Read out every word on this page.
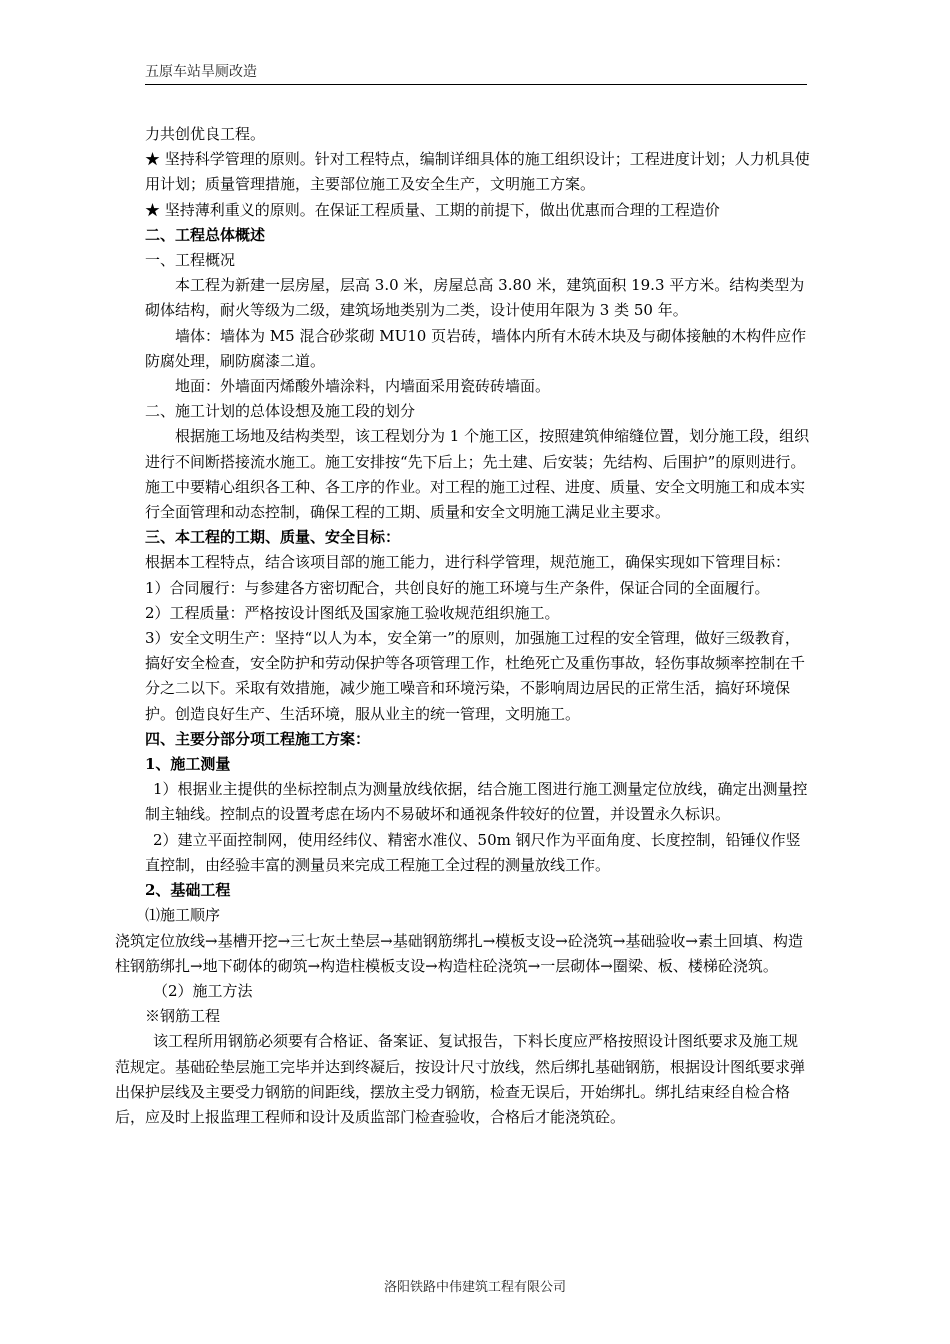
五原车站旱厕改造

力共创优良工程。

★ 坚持科学管理的原则。针对工程特点，编制详细具体的施工组织设计；工程进度计划；人力机具使用计划；质量管理措施，主要部位施工及安全生产，文明施工方案。

★ 坚持薄利重义的原则。在保证工程质量、工期的前提下，做出优惠而合理的工程造价

二、工程总体概述

一、工程概况

本工程为新建一层房屋，层高 3.0 米，房屋总高 3.80 米，建筑面积 19.3 平方米。结构类型为砌体结构，耐火等级为二级，建筑场地类别为二类，设计使用年限为 3 类 50 年。

墙体：墙体为 M5 混合砂浆砌 MU10 页岩砖，墙体内所有木砖木块及与砌体接触的木构件应作防腐处理，刷防腐漆二道。

地面：外墙面丙烯酸外墙涂料，内墙面采用瓷砖砖墙面。

二、施工计划的总体设想及施工段的划分

根据施工场地及结构类型，该工程划分为 1 个施工区，按照建筑伸缩缝位置，划分施工段，组织进行不间断搭接流水施工。施工安排按“先下后上；先土建、后安装；先结构、后围护”的原则进行。施工中要精心组织各工种、各工序的作业。对工程的施工过程、进度、质量、安全文明施工和成本实行全面管理和动态控制，确保工程的工期、质量和安全文明施工满足业主要求。

三、本工程的工期、质量、安全目标：

根据本工程特点，结合该项目部的施工能力，进行科学管理，规范施工，确保实现如下管理目标：

1）合同履行：与参建各方密切配合，共创良好的施工环境与生产条件，保证合同的全面履行。

2）工程质量：严格按设计图纸及国家施工验收规范组织施工。

3）安全文明生产：坚持“以人为本，安全第一”的原则，加强施工过程的安全管理，做好三级教育，搞好安全检查，安全防护和劳动保护等各项管理工作，杜绝死亡及重伤事故，轻伤事故频率控制在千分之二以下。采取有效措施，减少施工噪音和环境污染，不影响周边居民的正常生活，搞好环境保护。创造良好生产、生活环境，服从业主的统一管理，文明施工。

四、主要分部分项工程施工方案：

1、施工测量

1）根据业主提供的坐标控制点为测量放线依据，结合施工图进行施工测量定位放线，确定出测量控制主轴线。控制点的设置考虑在场内不易破坏和通视条件较好的位置，并设置永久标识。

2）建立平面控制网，使用经纬仪、精密水准仪、50m 钢尺作为平面角度、长度控制，铅锤仪作竖直控制，由经验丰富的测量员来完成工程施工全过程的测量放线工作。

2、基础工程

⑴施工顺序

浇筑定位放线→基槽开挖→三七灰土垫层→基础钢筋绑扎→模板支设→砼浇筑→基础验收→素土回填、构造柱钢筋绑扎→地下砌体的砌筑→构造柱模板支设→构造柱砼浇筑→一层砌体→圈梁、板、楼梯砼浇筑。

（2）施工方法

※钢筋工程

该工程所用钢筋必须要有合格证、备案证、复试报告，下料长度应严格按照设计图纸要求及施工规范规定。基础砼垫层施工完毕并达到终凝后，按设计尺寸放线，然后绑扎基础钢筋，根据设计图纸要求弹出保护层线及主要受力钢筋的间距线，摆放主受力钢筋，检查无误后，开始绑扎。绑扎结束经自检合格后，应及时上报监理工程师和设计及质监部门检查验收，合格后才能浇筑砼。

洛阳铁路中伟建筑工程有限公司
